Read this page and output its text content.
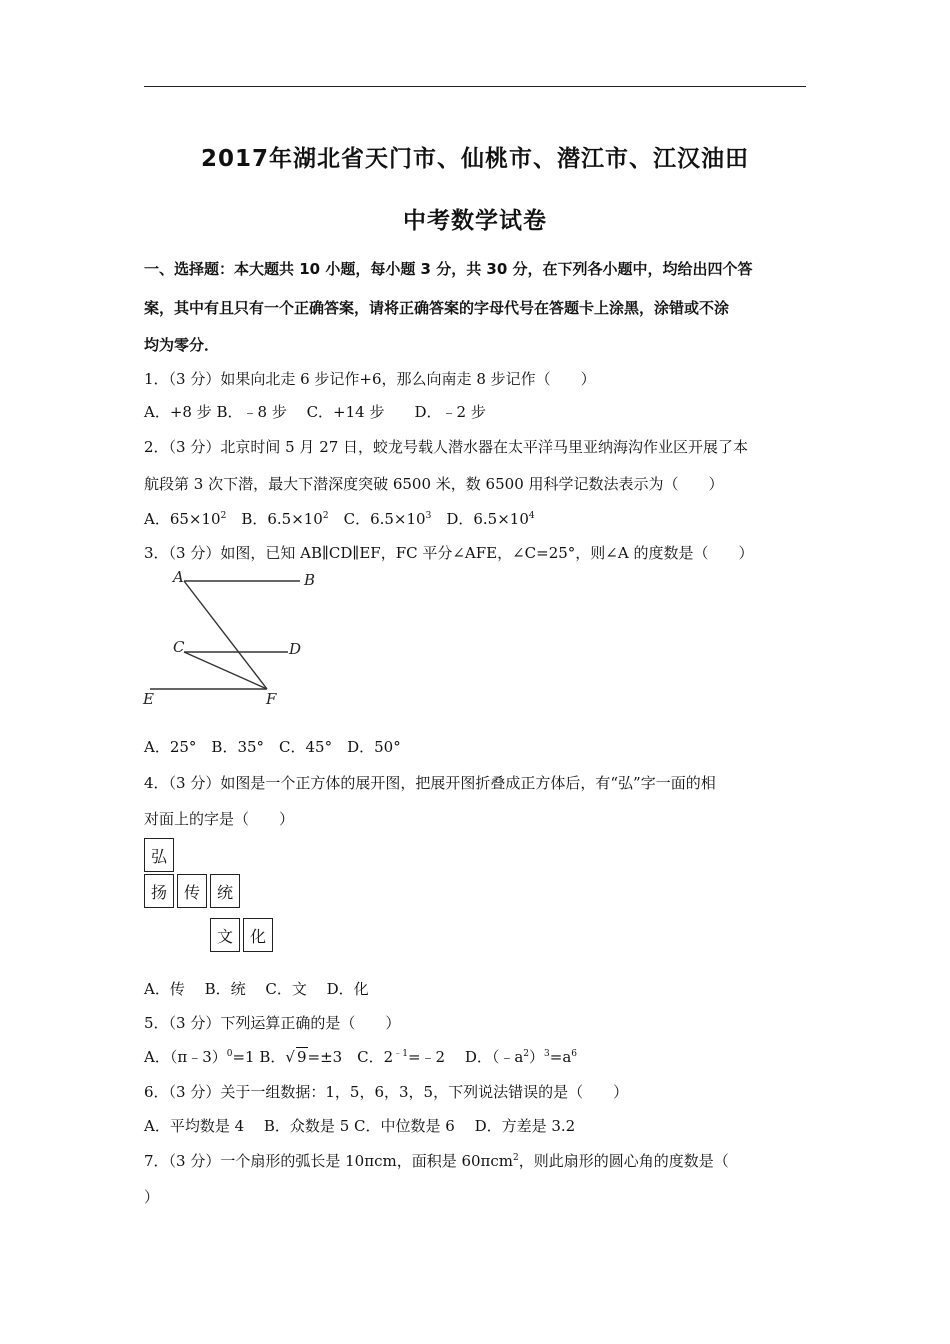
2017年湖北省天门市、仙桃市、潜江市、江汉油田
中考数学试卷
一、选择题：本大题共 10 小题，每小题 3 分，共 30 分，在下列各小题中，均给出四个答
案，其中有且只有一个正确答案，请将正确答案的字母代号在答题卡上涂黑，涂错或不涂
均为零分．
1．（3 分）如果向北走 6 步记作+6，那么向南走 8 步记作（　　）
A．+8 步 B．﹣8 步　 C．+14 步　　D．﹣2 步
2．（3 分）北京时间 5 月 27 日，蛟龙号载人潜水器在太平洋马里亚纳海沟作业区开展了本
航段第 3 次下潜，最大下潜深度突破 6500 米，数 6500 用科学记数法表示为（　　）
A．$65\times 10^2$　B．$6.5\times 10^2$　C．$6.5\times 10^3$　D．$6.5\times 10^4$
3．（3 分）如图，已知 AB∥CD∥EF，FC 平分∠AFE，∠C=25°，则∠A 的度数是（　　）
A	B
C	D
E	F
A．25°　B．35°　C．45°　D．50°
4．（3 分）如图是一个正方体的展开图，把展开图折叠成正方体后，有“弘”字一面的相
对面上的字是（　　）
弘
扬	传	统
文	化
A．传　 B．统　 C．文　 D．化
5．（3 分）下列运算正确的是（　　）
A．（π﹣3）$^0$=1 B．√ 9=±3　C．$2^{﹣1}=﹣2$　 D．$(﹣a^2)^3=a^6$
6．（3 分）关于一组数据：1，5，6，3，5，下列说法错误的是（　　）
A．平均数是 4　 B．众数是 5 C．中位数是 6　 D．方差是 3.2
7．（3 分）一个扇形的弧长是 10πcm，面积是 60πcm$^2$，则此扇形的圆心角的度数是（
）
